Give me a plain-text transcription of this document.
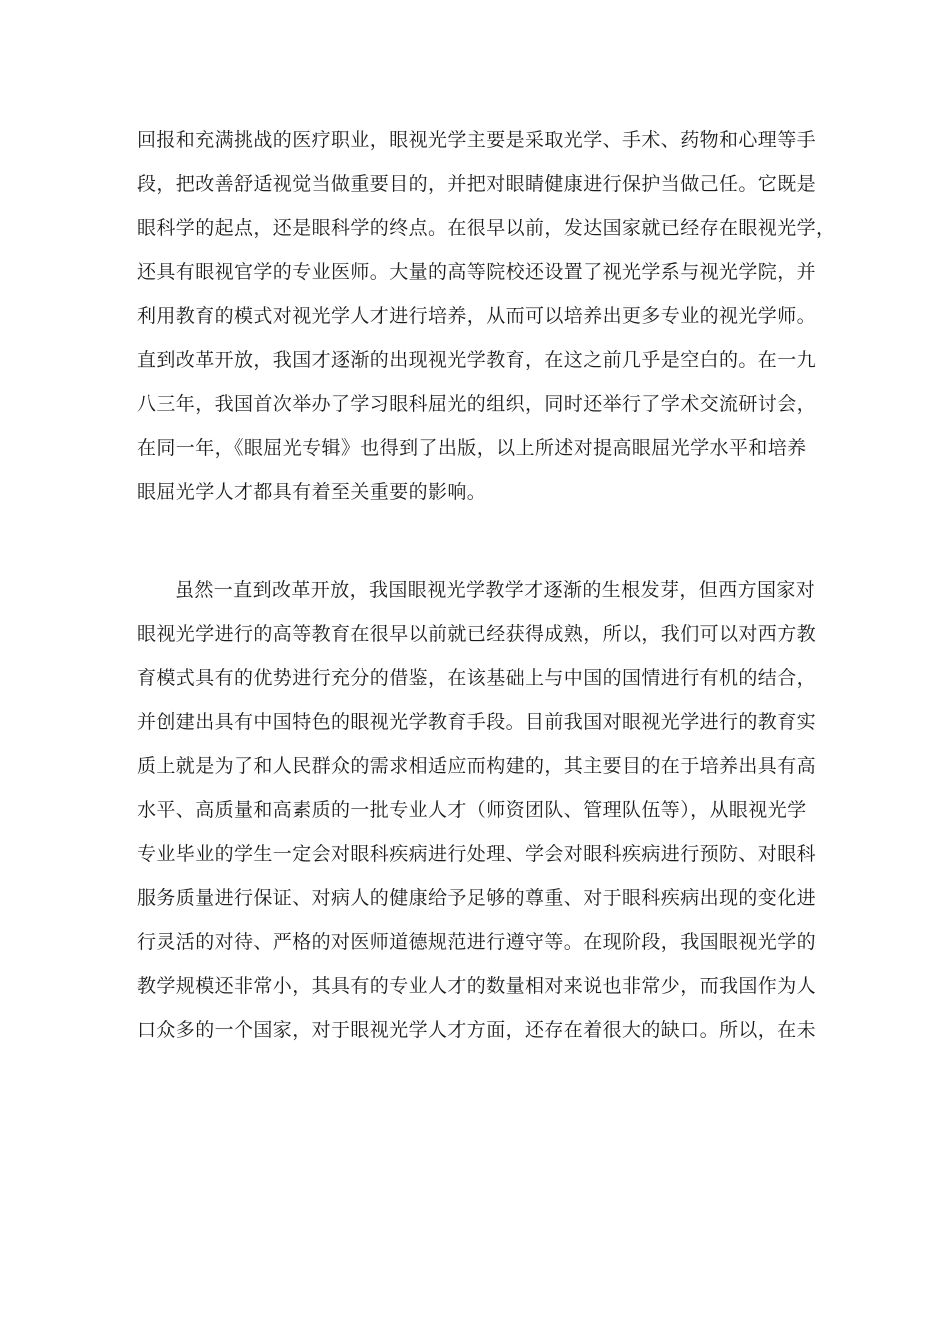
回报和充满挑战的医疗职业，眼视光学主要是采取光学、手术、药物和心理等手
段，把改善舒适视觉当做重要目的，并把对眼睛健康进行保护当做己任。它既是
眼科学的起点，还是眼科学的终点。在很早以前，发达国家就已经存在眼视光学，
还具有眼视官学的专业医师。大量的高等院校还设置了视光学系与视光学院，并
利用教育的模式对视光学人才进行培养，从而可以培养出更多专业的视光学师。
直到改革开放，我国才逐渐的出现视光学教育，在这之前几乎是空白的。在一九
八三年，我国首次举办了学习眼科屈光的组织，同时还举行了学术交流研讨会，
在同一年，《眼屈光专辑》也得到了出版，以上所述对提高眼屈光学水平和培养
眼屈光学人才都具有着至关重要的影响。
虽然一直到改革开放，我国眼视光学教学才逐渐的生根发芽，但西方国家对
眼视光学进行的高等教育在很早以前就已经获得成熟，所以，我们可以对西方教
育模式具有的优势进行充分的借鉴，在该基础上与中国的国情进行有机的结合，
并创建出具有中国特色的眼视光学教育手段。目前我国对眼视光学进行的教育实
质上就是为了和人民群众的需求相适应而构建的，其主要目的在于培养出具有高
水平、高质量和高素质的一批专业人才（师资团队、管理队伍等），从眼视光学
专业毕业的学生一定会对眼科疾病进行处理、学会对眼科疾病进行预防、对眼科
服务质量进行保证、对病人的健康给予足够的尊重、对于眼科疾病出现的变化进
行灵活的对待、严格的对医师道德规范进行遵守等。在现阶段，我国眼视光学的
教学规模还非常小，其具有的专业人才的数量相对来说也非常少，而我国作为人
口众多的一个国家，对于眼视光学人才方面，还存在着很大的缺口。所以，在未
